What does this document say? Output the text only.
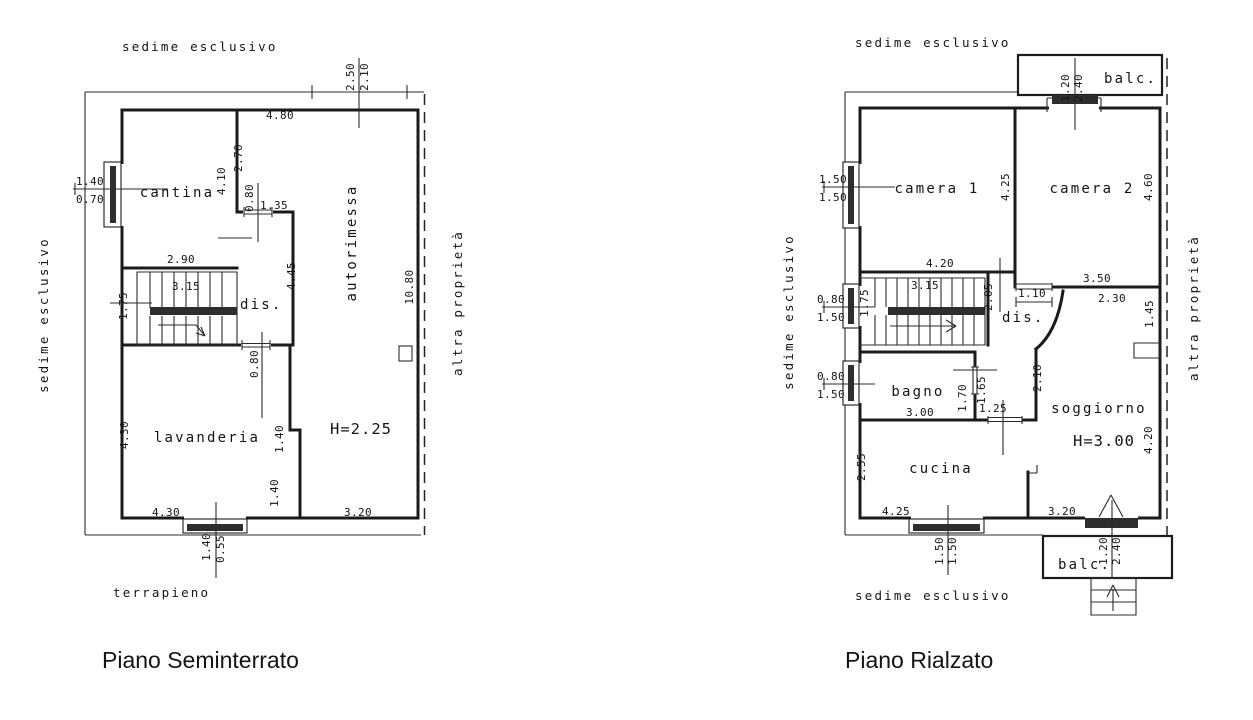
sedime esclusivo
sedime esclusivo	altra proprietà
terrapieno
2.50 2.10
4.80
1.40
0.70	cantina 4.10
2.70
0.80 1.35
2.90
3.15
1.75	dis.
4.45	autorimessa	10.80
0.80
4.30	1.40
1.40
lavanderia	H=2.25
4.30	3.20
1.40 0.55
Piano Seminterrato
sedime esclusivo
sedime esclusivo	altra proprietà
sedime esclusivo
balc.
1.20 2.40
1.50
1.50
camera 1	camera 2
4.25	4.60
4.20
3.50
2.30
1.10
2.05
3.15
1.75
0.80
1.50	dis.	1.45
0.80
1.50	bagno 1.70 1.65
1.25
3.00
2.10
soggiorno
H=3.00 4.20
2.55	cucina
4.25	3.20
1.50 1.50	balc.
1.20 2.40
Piano Rialzato
